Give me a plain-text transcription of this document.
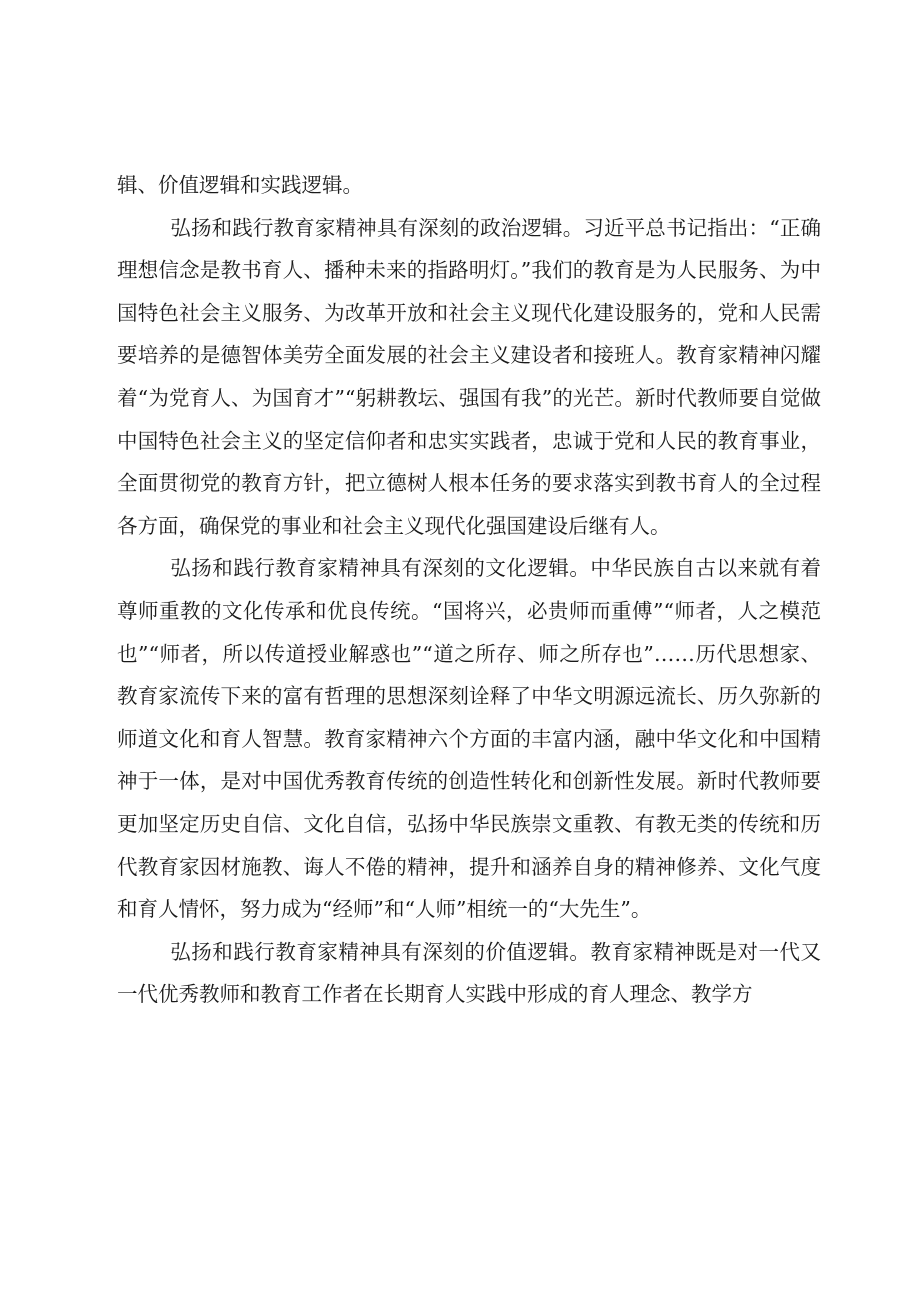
辑、价值逻辑和实践逻辑。

弘扬和践行教育家精神具有深刻的政治逻辑。习近平总书记指出：“正确理想信念是教书育人、播种未来的指路明灯。”我们的教育是为人民服务、为中国特色社会主义服务、为改革开放和社会主义现代化建设服务的，党和人民需要培养的是德智体美劳全面发展的社会主义建设者和接班人。教育家精神闪耀着“为党育人、为国育才”“躬耕教坛、强国有我”的光芒。新时代教师要自觉做中国特色社会主义的坚定信仰者和忠实实践者，忠诚于党和人民的教育事业，全面贯彻党的教育方针，把立德树人根本任务的要求落实到教书育人的全过程各方面，确保党的事业和社会主义现代化强国建设后继有人。

弘扬和践行教育家精神具有深刻的文化逻辑。中华民族自古以来就有着尊师重教的文化传承和优良传统。“国将兴，必贵师而重傅”“师者，人之模范也”“师者，所以传道授业解惑也”“道之所存、师之所存也”……历代思想家、教育家流传下来的富有哲理的思想深刻诠释了中华文明源远流长、历久弥新的师道文化和育人智慧。教育家精神六个方面的丰富内涵，融中华文化和中国精神于一体，是对中国优秀教育传统的创造性转化和创新性发展。新时代教师要更加坚定历史自信、文化自信，弘扬中华民族崇文重教、有教无类的传统和历代教育家因材施教、诲人不倦的精神，提升和涵养自身的精神修养、文化气度和育人情怀，努力成为“经师”和“人师”相统一的“大先生”。

弘扬和践行教育家精神具有深刻的价值逻辑。教育家精神既是对一代又一代优秀教师和教育工作者在长期育人实践中形成的育人理念、教学方
